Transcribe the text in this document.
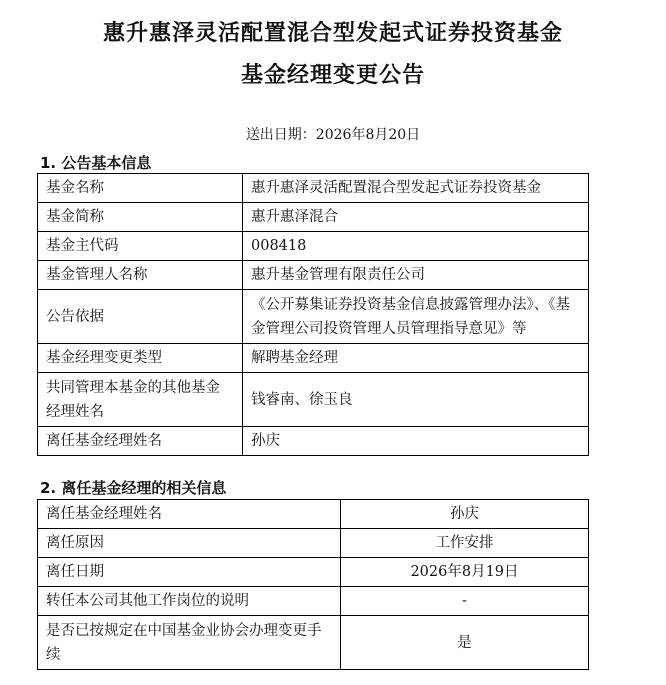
惠升惠泽灵活配置混合型发起式证券投资基金
基金经理变更公告
送出日期：2026年8月20日
1. 公告基本信息
基金名称	惠升惠泽灵活配置混合型发起式证券投资基金
基金简称	惠升惠泽混合
基金主代码	008418
基金管理人名称	惠升基金管理有限责任公司
公告依据	《公开募集证券投资基金信息披露管理办法》、《基金管理公司投资管理人员管理指导意见》等
基金经理变更类型	解聘基金经理
共同管理本基金的其他基金经理姓名	钱睿南、徐玉良
离任基金经理姓名	孙庆
2. 离任基金经理的相关信息
离任基金经理姓名	孙庆
离任原因	工作安排
离任日期	2026年8月19日
转任本公司其他工作岗位的说明	-
是否已按规定在中国基金业协会办理变更手续	是
